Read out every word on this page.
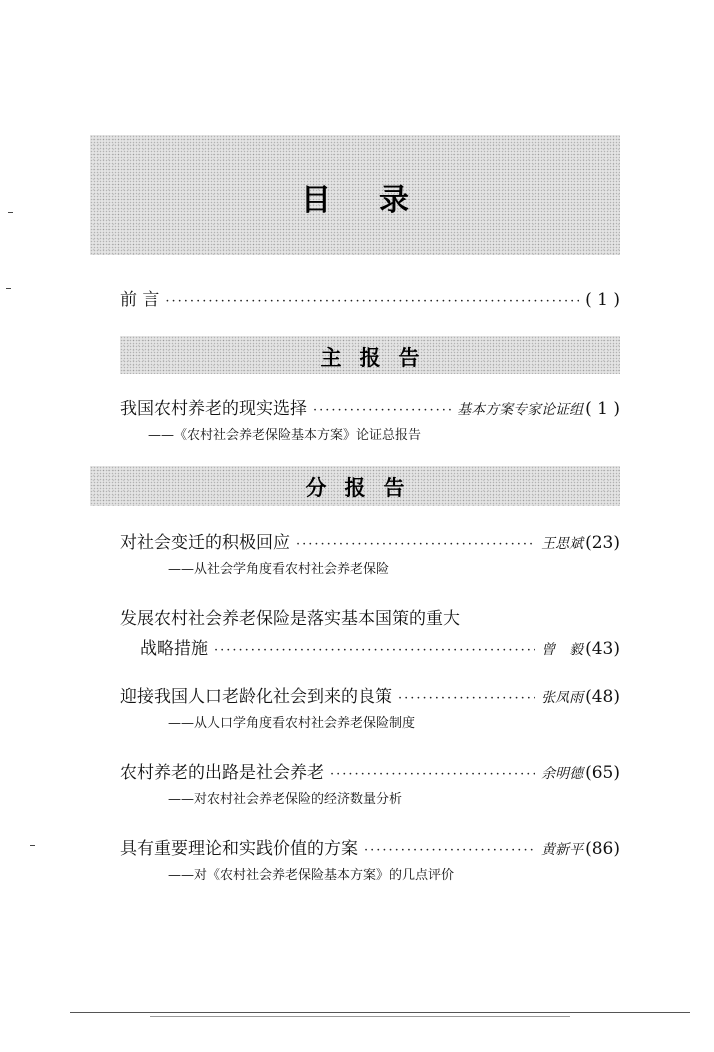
目录
前 言 ·····	( 1 )
主报告
我国农村养老的现实选择 ·····	基本方案专家论证组 ( 1 )
——《农村社会养老保险基本方案》论证总报告
分报告
对社会变迁的积极回应 ·····	王思斌 (23)
——从社会学角度看农村社会养老保险
发展农村社会养老保险是落实基本国策的重大
战略措施 ·····	曾　毅 (43)
迎接我国人口老龄化社会到来的良策 ·····	张凤雨 (48)
——从人口学角度看农村社会养老保险制度
农村养老的出路是社会养老 ·····	余明德 (65)
——对农村社会养老保险的经济数量分析
具有重要理论和实践价值的方案 ·····	黄新平 (86)
——对《农村社会养老保险基本方案》的几点评价
